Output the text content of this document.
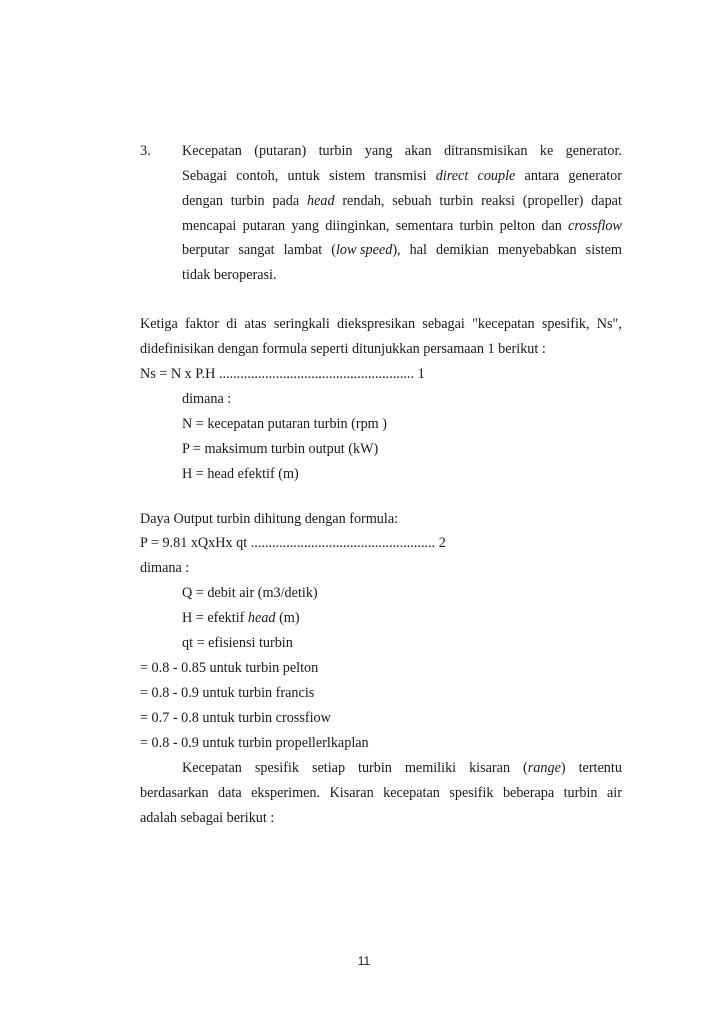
3. Kecepatan (putaran) turbin yang akan ditransmisikan ke generator.
Sebagai contoh, untuk sistem transmisi direct couple antara generator
dengan turbin pada head rendah, sebuah turbin reaksi (propeller) dapat
mencapai putaran yang diinginkan, sementara turbin pelton dan crossflow
berputar sangat lambat (low speed), hal demikian menyebabkan sistem
tidak beroperasi.
Ketiga faktor di atas seringkali diekspresikan sebagai "kecepatan spesifik, Ns",
didefinisikan dengan formula seperti ditunjukkan persamaan 1 berikut :
Ns = N x P.H ....................................................... 1
dimana :
N = kecepatan putaran turbin (rpm )
P = maksimum turbin output (kW)
H = head efektif (m)
Daya Output turbin dihitung dengan formula:
P = 9.81 xQxHx qt .................................................... 2
dimana :
Q = debit air (m3/detik)
H = efektif head (m)
qt = efisiensi turbin
= 0.8 - 0.85 untuk turbin pelton
= 0.8 - 0.9 untuk turbin francis
= 0.7 - 0.8 untuk turbin crossfiow
= 0.8 - 0.9 untuk turbin propellerlkaplan
Kecepatan spesifik setiap turbin memiliki kisaran (range) tertentu
berdasarkan data eksperimen. Kisaran kecepatan spesifik beberapa turbin air
adalah sebagai berikut :
11
